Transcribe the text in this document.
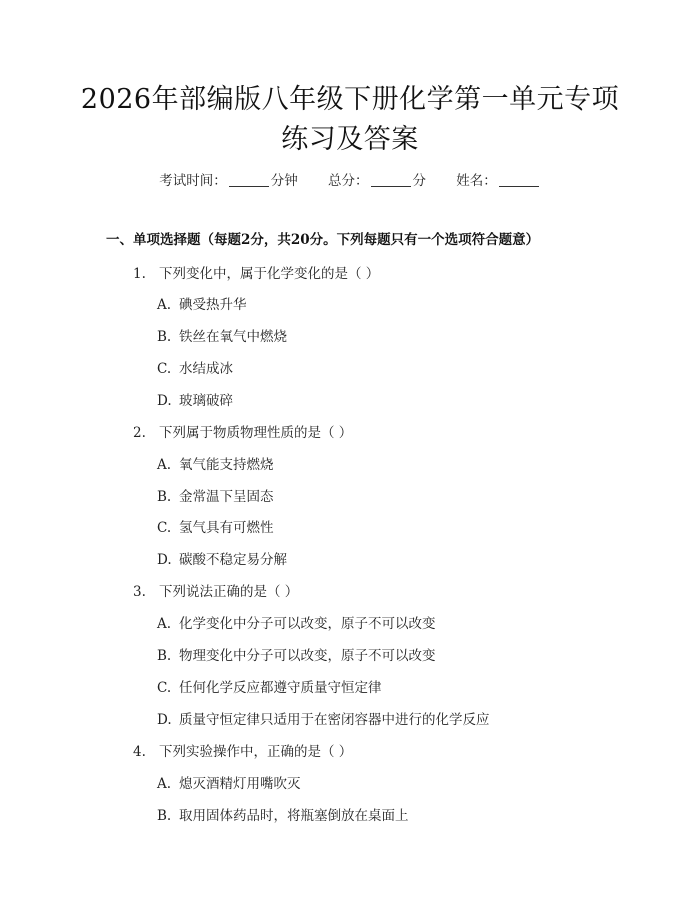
2026年部编版八年级下册化学第一单元专项
练习及答案
考试时间：	分钟 总分：	分 姓名：
一、单项选择题（每题2分，共20分。下列每题只有一个选项符合题意）
1. 下列变化中，属于化学变化的是（ ）
A. 碘受热升华
B. 铁丝在氧气中燃烧
C. 水结成冰
D. 玻璃破碎
2. 下列属于物质物理性质的是（ ）
A. 氧气能支持燃烧
B. 金常温下呈固态
C. 氢气具有可燃性
D. 碳酸不稳定易分解
3. 下列说法正确的是（ ）
A. 化学变化中分子可以改变，原子不可以改变
B. 物理变化中分子可以改变，原子不可以改变
C. 任何化学反应都遵守质量守恒定律
D. 质量守恒定律只适用于在密闭容器中进行的化学反应
4. 下列实验操作中，正确的是（ ）
A. 熄灭酒精灯用嘴吹灭
B. 取用固体药品时，将瓶塞倒放在桌面上
